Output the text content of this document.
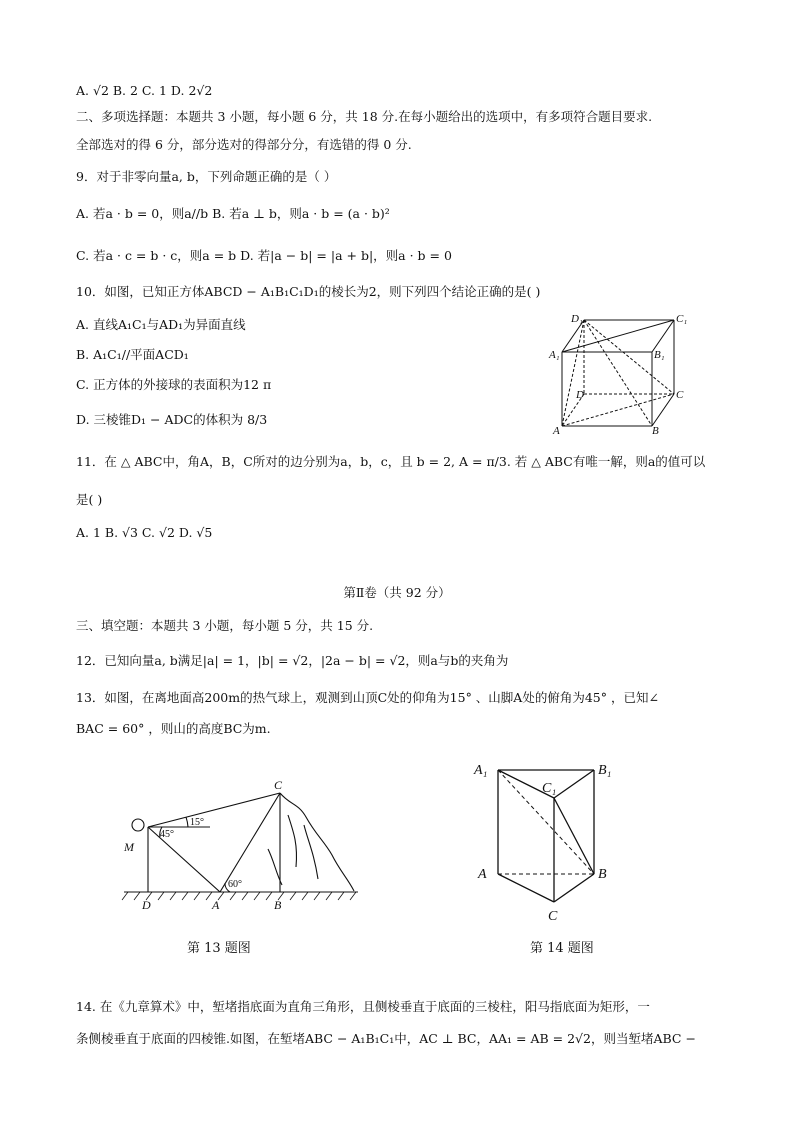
A. √2 B. 2 C. 1 D. 2√2
二、多项选择题：本题共 3 小题，每小题 6 分，共 18 分.在每小题给出的选项中，有多项符合题目要求.
全部选对的得 6 分，部分选对的得部分分，有选错的得 0 分.
9．对于非零向量a, b，下列命题正确的是（ ）
A. 若a · b = 0，则a//b B. 若a ⊥ b，则a · b = (a · b)²
C. 若a · c = b · c，则a = b D. 若|a − b| = |a + b|，则a · b = 0
10．如图，已知正方体ABCD − A₁B₁C₁D₁的棱长为2，则下列四个结论正确的是( )
A. 直线A₁C₁与AD₁为异面直线
B. A₁C₁//平面ACD₁
C. 正方体的外接球的表面积为12 π
D. 三棱锥D₁ − ADC的体积为 8/3
D₁	C₁
A₁	B₁
D	C
A	B
11．在 △ ABC中，角A，B，C所对的边分别为a，b，c，且 b = 2, A = π/3. 若 △ ABC有唯一解，则a的值可以
是( )
A. 1 B. √3 C. √2 D. √5
第Ⅱ卷（共 92 分）
三、填空题：本题共 3 小题，每小题 5 分，共 15 分.
12．已知向量a, b满足|a| = 1，|b| = √2，|2a − b| = √2，则a与b的夹角为
13．如图，在离地面高200m的热气球上，观测到山顶C处的仰角为15° 、山脚A处的俯角为45° ，已知∠
BAC = 60° ，则山的高度BC为m.
C
M
D	A	B
15°
45°
60°
第 13 题图
A₁	B₁
C₁
A	B
C
第 14 题图
14. 在《九章算术》中，堑堵指底面为直角三角形，且侧棱垂直于底面的三棱柱，阳马指底面为矩形，一
条侧棱垂直于底面的四棱锥.如图，在堑堵ABC − A₁B₁C₁中，AC ⊥ BC，AA₁ = AB = 2√2，则当堑堵ABC −
